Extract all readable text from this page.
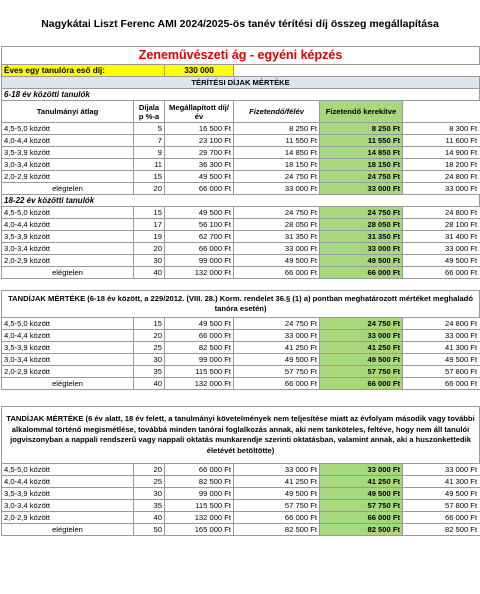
Nagykátai Liszt Ferenc AMI 2024/2025-ös tanév térítési díj összeg megállapítása
Zeneművészeti ág - egyéni képzés					
Éves egy tanulóra eső díj:		330 000			
TÉRÍTÉSI DÍJAK MÉRTÉKE					
6-18 év közötti tanulók					
Tanulmányi átlag	Díjala p %-a	Megállapított díj/év	Fizetendő/félév	Fizetendő kerekítve	
4,5-5,0 között	5	16 500 Ft	8 250 Ft	8 250 Ft	8 300 Ft
4,0-4,4 között	7	23 100 Ft	11 550 Ft	11 550 Ft	11 600 Ft
3,5-3,9 között	9	29 700 Ft	14 850 Ft	14 850 Ft	14 900 Ft
3,0-3,4 között	11	36 300 Ft	18 150 Ft	18 150 Ft	18 200 Ft
2,0-2,9 között	15	49 500 Ft	24 750 Ft	24 750 Ft	24 800 Ft
elégtelen	20	66 000 Ft	33 000 Ft	33 000 Ft	33 000 Ft
18-22 év közötti tanulók					
4,5-5,0 között	15	49 500 Ft	24 750 Ft	24 750 Ft	24 800 Ft
4,0-4,4 között	17	56 100 Ft	28 050 Ft	28 050 Ft	28 100 Ft
3,5-3,9 között	19	62 700 Ft	31 350 Ft	31 350 Ft	31 400 Ft
3,0-3,4 között	20	66 000 Ft	33 000 Ft	33 000 Ft	33 000 Ft
2,0-2,9 között	30	99 000 Ft	49 500 Ft	49 500 Ft	49 500 Ft
elégtelen	40	132 000 Ft	66 000 Ft	66 000 Ft	66 000 Ft

TANDÍJAK MÉRTÉKE (6-18 év között, a 229/2012. (VIII. 28.) Korm. rendelet 36.§ (1) a) pontban meghatározott mértéket meghaladó tanóra esetén)					
4,5-5,0 között	15	49 500 Ft	24 750 Ft	24 750 Ft	24 800 Ft
4,0-4,4 között	20	66 000 Ft	33 000 Ft	33 000 Ft	33 000 Ft
3,5-3,9 között	25	82 500 Ft	41 250 Ft	41 250 Ft	41 300 Ft
3,0-3,4 között	30	99 000 Ft	49 500 Ft	49 500 Ft	49 500 Ft
2,0-2,9 között	35	115 500 Ft	57 750 Ft	57 750 Ft	57 800 Ft
elégtelen	40	132 000 Ft	66 000 Ft	66 000 Ft	66 000 Ft

TANDÍJAK MÉRTÉKE (6 év alatt, 18 év felett, a tanulmányi követelmények nem teljesítése miatt az évfolyam második vagy további alkalommal történő megismétlése, továbbá minden tanórai foglalkozás annak, aki nem tanköteles, feltéve, hogy nem áll tanulói jogviszonyban a nappali rendszerű vagy nappali oktatás munkarendje szerinti oktatásban, valamint annak, aki a huszonkettedik életévét betöltötte)					
4,5-5,0 között	20	66 000 Ft	33 000 Ft	33 000 Ft	33 000 Ft
4,0-4,4 között	25	82 500 Ft	41 250 Ft	41 250 Ft	41 300 Ft
3,5-3,9 között	30	99 000 Ft	49 500 Ft	49 500 Ft	49 500 Ft
3,0-3,4 között	35	115 500 Ft	57 750 Ft	57 750 Ft	57 800 Ft
2,0-2,9 között	40	132 000 Ft	66 000 Ft	66 000 Ft	66 000 Ft
elégtelen	50	165 000 Ft	82 500 Ft	82 500 Ft	82 500 Ft
